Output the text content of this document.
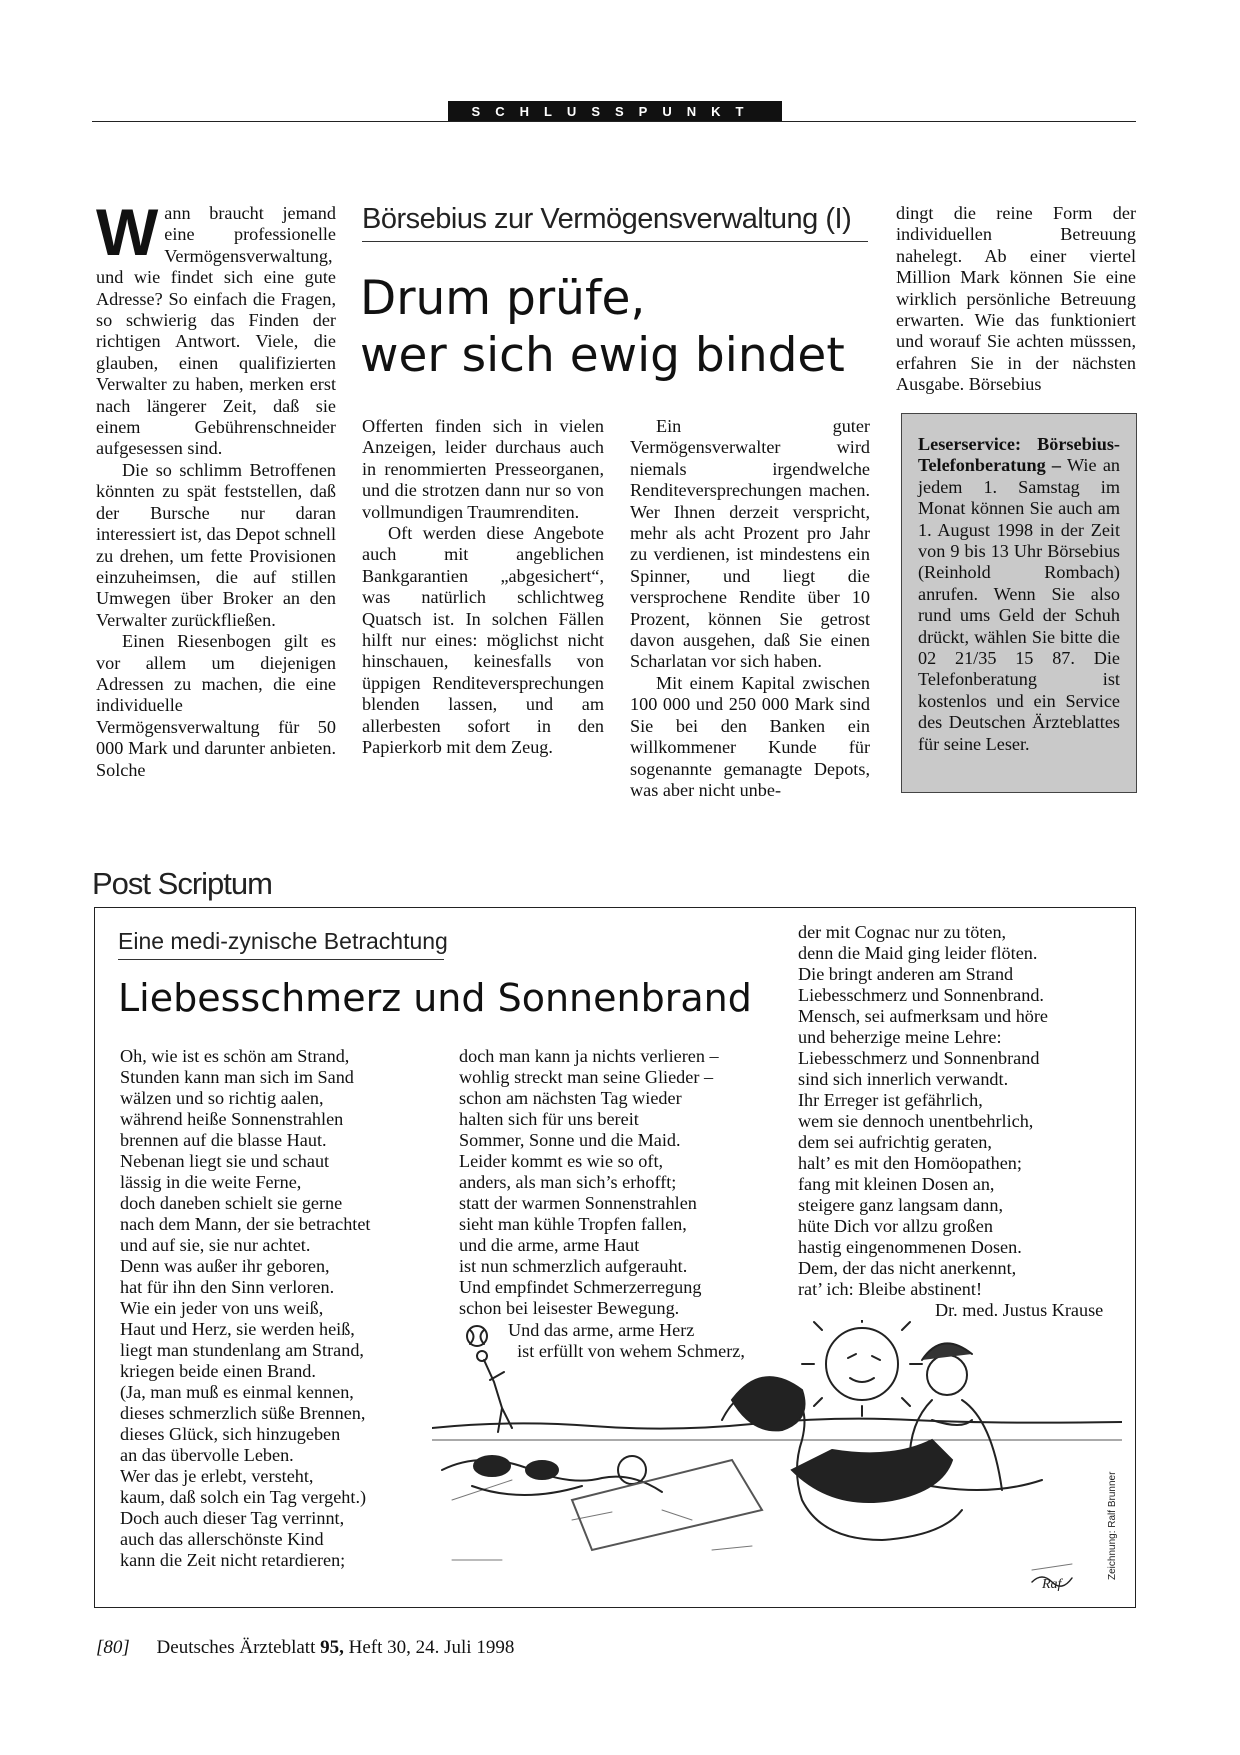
SCHLUSSPUNKT

Wann braucht jemand eine professionelle Vermögensverwaltung, und wie findet sich eine gute Adresse? So einfach die Fragen, so schwierig das Finden der richtigen Antwort. Viele, die glauben, einen qualifizierten Verwalter zu haben, merken erst nach längerer Zeit, daß sie einem Gebührenschneider aufgesessen sind.

Die so schlimm Betroffenen könnten zu spät feststellen, daß der Bursche nur daran interessiert ist, das Depot schnell zu drehen, um fette Provisionen einzuheimsen, die auf stillen Umwegen über Broker an den Verwalter zurückfließen.

Einen Riesenbogen gilt es vor allem um diejenigen Adressen zu machen, die eine individuelle Vermögensverwaltung für 50 000 Mark und darunter anbieten. Solche

Börsebius zur Vermögensverwaltung (I)
Drum prüfe,
wer sich ewig bindet

Offerten finden sich in vielen Anzeigen, leider durchaus auch in renommierten Presseorganen, und die strotzen dann nur so von vollmundigen Traumrenditen.

Oft werden diese Angebote auch mit angeblichen Bankgarantien „abgesichert“, was natürlich schlichtweg Quatsch ist. In solchen Fällen hilft nur eines: möglichst nicht hinschauen, keinesfalls von üppigen Renditeversprechungen blenden lassen, und am allerbesten sofort in den Papierkorb mit dem Zeug.

Ein guter Vermögensverwalter wird niemals irgendwelche Renditeversprechungen machen. Wer Ihnen derzeit verspricht, mehr als acht Prozent pro Jahr zu verdienen, ist mindestens ein Spinner, und liegt die versprochene Rendite über 10 Prozent, können Sie getrost davon ausgehen, daß Sie einen Scharlatan vor sich haben.

Mit einem Kapital zwischen 100 000 und 250 000 Mark sind Sie bei den Banken ein willkommener Kunde für sogenannte gemanagte Depots, was aber nicht unbe-

dingt die reine Form der individuellen Betreuung nahelegt. Ab einer viertel Million Mark können Sie eine wirklich persönliche Betreuung erwarten. Wie das funktioniert und worauf Sie achten müsssen, erfahren Sie in der nächsten Ausgabe. Börsebius

Leserservice: Börsebius-Telefonberatung – Wie an jedem 1. Samstag im Monat können Sie auch am 1. August 1998 in der Zeit von 9 bis 13 Uhr Börsebius (Reinhold Rombach) anrufen. Wenn Sie also rund ums Geld der Schuh drückt, wählen Sie bitte die 02 21/35 15 87. Die Telefonberatung ist kostenlos und ein Service des Deutschen Ärzteblattes für seine Leser.
Post Scriptum
Eine medi-zynische Betrachtung
Liebesschmerz und Sonnenbrand
Oh, wie ist es schön am Strand,
Stunden kann man sich im Sand
wälzen und so richtig aalen,
während heiße Sonnenstrahlen
brennen auf die blasse Haut.
Nebenan liegt sie und schaut
lässig in die weite Ferne,
doch daneben schielt sie gerne
nach dem Mann, der sie betrachtet
und auf sie, sie nur achtet.
Denn was außer ihr geboren,
hat für ihn den Sinn verloren.
Wie ein jeder von uns weiß,
Haut und Herz, sie werden heiß,
liegt man stundenlang am Strand,
kriegen beide einen Brand.
(Ja, man muß es einmal kennen,
dieses schmerzlich süße Brennen,
dieses Glück, sich hinzugeben
an das übervolle Leben.
Wer das je erlebt, versteht,
kaum, daß solch ein Tag vergeht.)
Doch auch dieser Tag verrinnt,
auch das allerschönste Kind
kann die Zeit nicht retardieren;
doch man kann ja nichts verlieren –
wohlig streckt man seine Glieder –
schon am nächsten Tag wieder
halten sich für uns bereit
Sommer, Sonne und die Maid.
Leider kommt es wie so oft,
anders, als man sich’s erhofft;
statt der warmen Sonnenstrahlen
sieht man kühle Tropfen fallen,
und die arme, arme Haut
ist nun schmerzlich aufgerauht.
Und empfindet Schmerzerregung
schon bei leisester Bewegung.
Und das arme, arme Herz
ist erfüllt von wehem Schmerz,
der mit Cognac nur zu töten,
denn die Maid ging leider flöten.
Die bringt anderen am Strand
Liebesschmerz und Sonnenbrand.
Mensch, sei aufmerksam und höre
und beherzige meine Lehre:
Liebesschmerz und Sonnenbrand
sind sich innerlich verwandt.
Ihr Erreger ist gefährlich,
wem sie dennoch unentbehrlich,
dem sei aufrichtig geraten,
halt’ es mit den Homöopathen;
fang mit kleinen Dosen an,
steigere ganz langsam dann,
hüte Dich vor allzu großen
hastig eingenommenen Dosen.
Dem, der das nicht anerkennt,
rat’ ich: Bleibe abstinent!
Dr. med. Justus Krause
Raf
Zeichnung: Ralf Brunner
[80] Deutsches Ärzteblatt 95, Heft 30, 24. Juli 1998
